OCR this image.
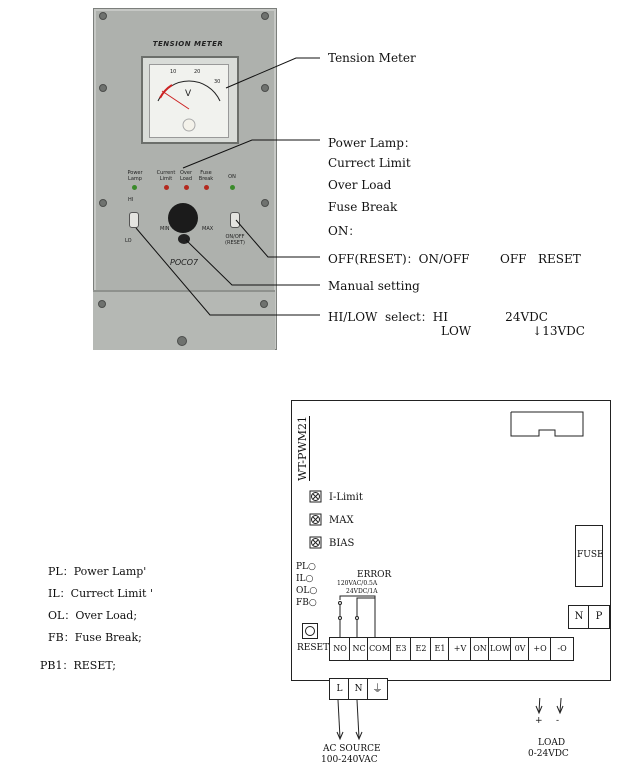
TENSION METER
10	20
30
V
Power
Lamp
Current
Limit
Over
Load
Fuse
Break	ON
HI
LO
MIN	MAX
ON/OFF
(RESET)
POCO7
Tension Meter
Power Lamp：
Currect Limit
Over Load
Fuse Break
ON：
OFF(RESET)：ON/OFF        OFF   RESET
Manual setting
HI/LOW  select：HI               24VDC
LOW                ↓13VDC
PL：Power Lamp'
IL：Currect Limit '
OL：Over Load;
FB：Fuse Break;
PB1：RESET;
WT-PWM21
I-Limit
MAX
BIAS
FUSE
N	P
PL○
IL○
OL○
FB○
RESET
ERROR
120VAC/0.5A
24VDC/1A
NO NC COM E3	E2	E1	+V ON LOW 0V +O	-O
L	N ⏚
AC SOURCE
100-240VAC
+ -
LOAD
0-24VDC
